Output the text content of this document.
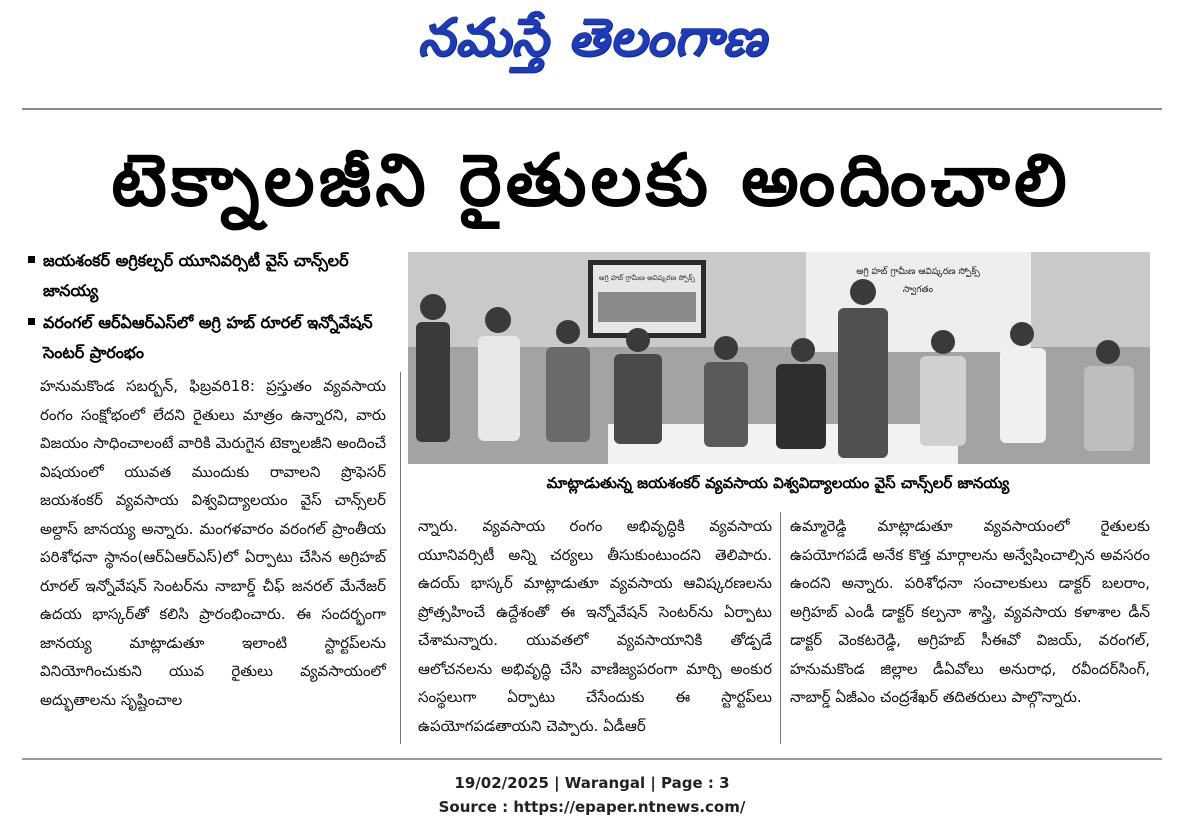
నమస్తే తెలంగాణ
టెక్నాలజీని రైతులకు అందించాలి
జయశంకర్ అగ్రికల్చర్ యూనివర్సిటీ వైస్ చాన్స్‌లర్ జానయ్య
వరంగల్ ఆర్‌ఏఆర్‌ఎస్‌లో అగ్రి హబ్ రూరల్ ఇన్నోవేషన్ సెంటర్ ప్రారంభం
అగ్రి హబ్ గ్రామీణ ఆవిష్కరణ స్పోక్స్
అగ్రి హబ్ గ్రామీణ ఆవిష్కరణ స్పోక్స్
స్వాగతం
మాట్లాడుతున్న జయశంకర్ వ్యవసాయ విశ్వవిద్యాలయం వైస్ చాన్స్‌లర్ జానయ్య

హనుమకొండ సబర్బన్, ఫిబ్రవరి18: ప్రస్తుతం వ్యవసాయ రంగం సంక్షోభంలో లేదని రైతులు మాత్రం ఉన్నారని, వారు విజయం సాధించాలంటే వారికి మెరుగైన టెక్నాలజీని అందించే విషయంలో యువత ముందుకు రావాలని ప్రొఫెసర్ జయశంకర్ వ్యవసాయ విశ్వవిద్యాలయం వైస్ చాన్స్‌లర్ అల్దాస్ జానయ్య అన్నారు. మంగళవారం వరంగల్ ప్రాంతీయ పరిశోధనా స్థానం(ఆర్‌ఏఆర్‌ఎస్)లో ఏర్పాటు చేసిన అగ్రిహబ్ రూరల్ ఇన్నోవేషన్ సెంటర్‌ను నాబార్డ్ చీఫ్ జనరల్ మేనేజర్ ఉదయ భాస్కర్‌తో కలిసి ప్రారంభించారు. ఈ సందర్భంగా జానయ్య మాట్లాడుతూ ఇలాంటి స్టార్టప్‌లను వినియోగించుకుని యువ రైతులు వ్యవసాయంలో అద్భుతాలను సృష్టించాల

న్నారు. వ్యవసాయ రంగం అభివృద్ధికి వ్యవసాయ యూనివర్సిటీ అన్ని చర్యలు తీసుకుంటుందని తెలిపారు. ఉదయ్ భాస్కర్ మాట్లాడుతూ వ్యవసాయ ఆవిష్కరణలను ప్రోత్సహించే ఉద్దేశంతో ఈ ఇన్నోవేషన్ సెంటర్‌ను ఏర్పాటు చేశామన్నారు. యువతలో వ్యవసాయానికి తోడ్పడే ఆలోచనలను అభివృద్ధి చేసి వాణిజ్యపరంగా మార్చి అంకుర సంస్థలుగా ఏర్పాటు చేసేందుకు ఈ స్టార్టప్‌లు ఉపయోగపడతాయని చెప్పారు. ఏడీఆర్

ఉమ్మారెడ్డి మాట్లాడుతూ వ్యవసాయంలో రైతులకు ఉపయోగపడే అనేక కొత్త మార్గాలను అన్వేషించాల్సిన అవసరం ఉందని అన్నారు. పరిశోధనా సంచాలకులు డాక్టర్ బలరాం, అగ్రిహబ్ ఎండీ డాక్టర్ కల్పనా శాస్త్రి, వ్యవసాయ కళాశాల డీన్ డాక్టర్ వెంకటరెడ్డి, అగ్రిహబ్ సీఈవో విజయ్, వరంగల్, హనుమకొండ జిల్లాల డీఏవోలు అనురాధ, రవీందర్‌సింగ్, నాబార్డ్ ఏజీఎం చంద్రశేఖర్ తదితరులు పాల్గొన్నారు.

19/02/2025 | Warangal | Page : 3
Source : https://epaper.ntnews.com/
